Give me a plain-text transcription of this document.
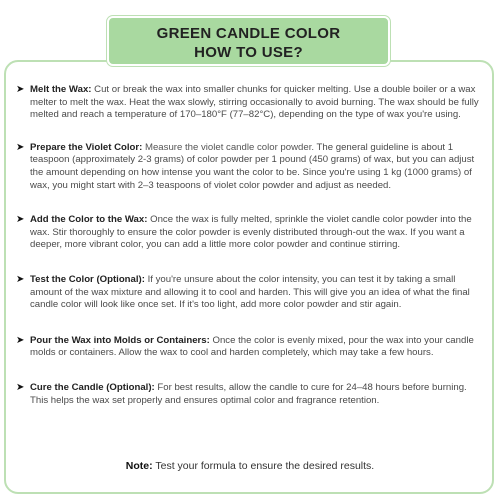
GREEN CANDLE COLOR
HOW TO USE?
➤ Melt the Wax: Cut or break the wax into smaller chunks for quicker melting. Use a double boiler or a wax melter to melt the wax. Heat the wax slowly, stirring occasionally to avoid burning. The wax should be fully melted and reach a temperature of 170–180°F (77–82°C), depending on the type of wax you're using.
➤ Prepare the Violet Color: Measure the violet candle color powder. The general guideline is about 1 teaspoon (approximately 2-3 grams) of color powder per 1 pound (450 grams) of wax, but you can adjust the amount depending on how intense you want the color to be. Since you're using 1 kg (1000 grams) of wax, you might start with 2–3 teaspoons of violet color powder and adjust as needed.
➤ Add the Color to the Wax: Once the wax is fully melted, sprinkle the violet candle color powder into the wax. Stir thoroughly to ensure the color powder is evenly distributed through-out the wax. If you want a deeper, more vibrant color, you can add a little more color powder and continue stirring.
➤ Test the Color (Optional): If you're unsure about the color intensity, you can test it by taking a small amount of the wax mixture and allowing it to cool and harden. This will give you an idea of what the final candle color will look like once set. If it's too light, add more color powder and stir again.
➤ Pour the Wax into Molds or Containers: Once the color is evenly mixed, pour the wax into your candle molds or containers. Allow the wax to cool and harden completely, which may take a few hours.
➤ Cure the Candle (Optional): For best results, allow the candle to cure for 24–48 hours before burning. This helps the wax set properly and ensures optimal color and fragrance retention.
Note: Test your formula to ensure the desired results.
